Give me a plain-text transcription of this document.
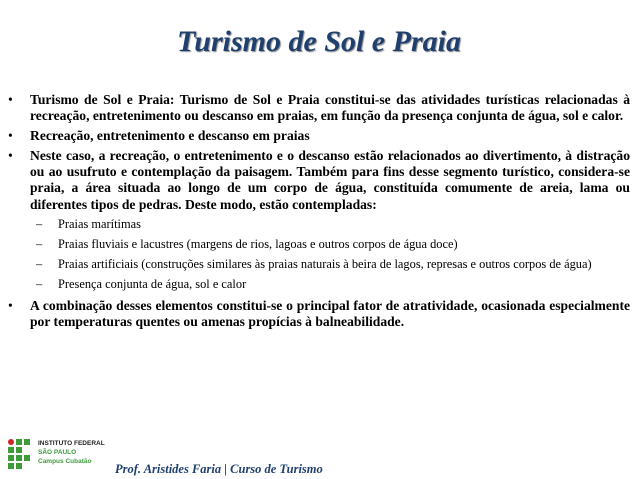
Turismo de Sol e Praia
• Turismo de Sol e Praia: Turismo de Sol e Praia constitui-se das atividades turísticas relacionadas à recreação, entretenimento ou descanso em praias, em função da presença conjunta de água, sol e calor.
• Recreação, entretenimento e descanso em praias
• Neste caso, a recreação, o entretenimento e o descanso estão relacionados ao divertimento, à distração ou ao usufruto e contemplação da paisagem. Também para fins desse segmento turístico, considera-se praia, a área situada ao longo de um corpo de água, constituída comumente de areia, lama ou diferentes tipos de pedras. Deste modo, estão contempladas:
– Praias marítimas
– Praias fluviais e lacustres (margens de rios, lagoas e outros corpos de água doce)
– Praias artificiais (construções similares às praias naturais à beira de lagos, represas e outros corpos de água)
– Presença conjunta de água, sol e calor
• A combinação desses elementos constitui-se o principal fator de atratividade, ocasionada especialmente por temperaturas quentes ou amenas propícias à balneabilidade.
INSTITUTO FEDERAL
SÃO PAULO
Campus Cubatão
Prof. Aristides Faria | Curso de Turismo
